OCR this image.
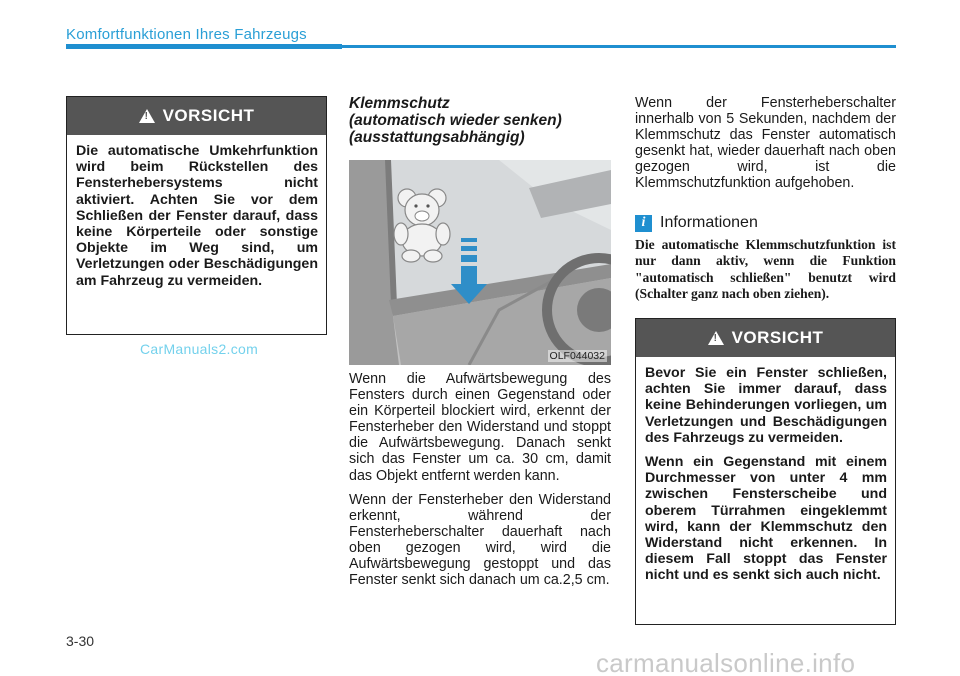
Komfortfunktionen Ihres Fahrzeugs
!
VORSICHT

Die automatische Umkehrfunktion wird beim Rückstellen des Fensterhebersystems nicht aktiviert. Achten Sie vor dem Schließen der Fenster darauf, dass keine Körperteile oder sonstige Objekte im Weg sind, um Verletzungen oder Beschädigungen am Fahrzeug zu vermeiden.

Klemmschutz
(automatisch wieder senken)
(ausstattungsabhängig)
OLF044032
CarManuals2.com

Wenn die Aufwärtsbewegung des Fensters durch einen Gegenstand oder ein Körperteil blockiert wird, erkennt der Fensterheber den Widerstand und stoppt die Aufwärtsbewegung. Danach senkt sich das Fenster um ca. 30 cm, damit das Objekt entfernt werden kann.

Wenn der Fensterheber den Widerstand erkennt, während der Fensterheberschalter dauerhaft nach oben gezogen wird, wird die Aufwärtsbewegung gestoppt und das Fenster senkt sich danach um ca.2,5 cm.

Wenn der Fensterheberschalter innerhalb von 5 Sekunden, nachdem der Klemmschutz das Fenster automatisch gesenkt hat, wieder dauerhaft nach oben gezogen wird, ist die Klemmschutzfunktion aufgehoben.

i Informationen
Die automatische Klemmschutzfunktion ist nur dann aktiv, wenn die Funktion "automatisch schließen" benutzt wird (Schalter ganz nach oben ziehen).
!
VORSICHT

Bevor Sie ein Fenster schließen, achten Sie immer darauf, dass keine Behinderungen vorliegen, um Verletzungen und Beschädigungen des Fahrzeugs zu vermeiden.

Wenn ein Gegenstand mit einem Durchmesser von unter 4 mm zwischen Fensterscheibe und oberem Türrahmen eingeklemmt wird, kann der Klemmschutz den Widerstand nicht erkennen. In diesem Fall stoppt das Fenster nicht und es senkt sich auch nicht.

3-30
carmanualsonline.info
